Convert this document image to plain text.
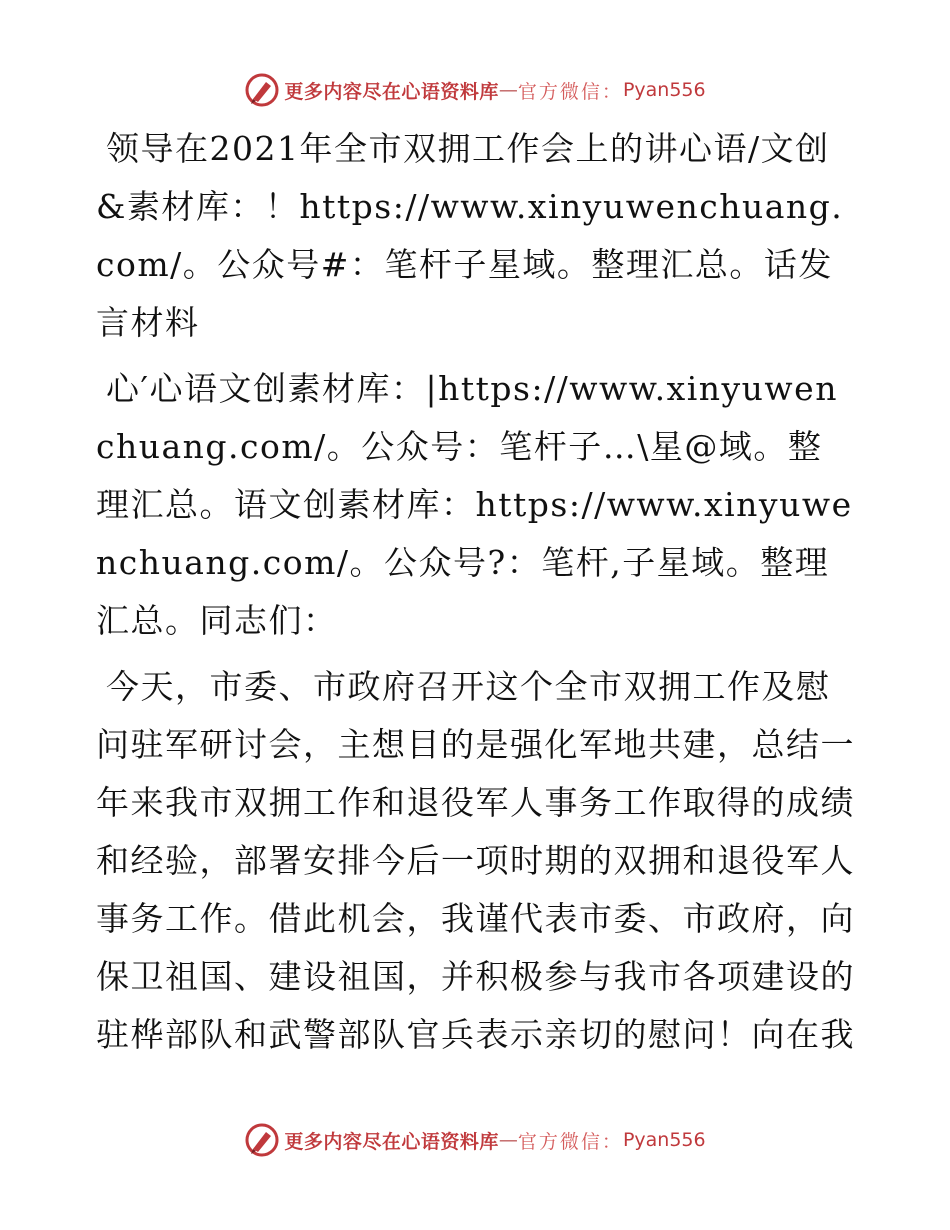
更多内容尽在心语资料库 — 官方微信： Pyan556

领导在2021年全市双拥工作会上的讲心语/文创&素材库：！https://www.xinyuwenchuang.com/。公众号#：笔杆子星域。整理汇总。话发言材料

心′心语文创素材库：|https://www.xinyuwenchuang.com/。公众号：笔杆子…\星@域。整理汇总。语文创素材库：https://www.xinyuwenchuang.com/。公众号?：笔杆,子星域。整理汇总。同志们：

今天，市委、市政府召开这个全市双拥工作及慰问驻军研讨会，主想目的是强化军地共建，总结一年来我市双拥工作和退役军人事务工作取得的成绩和经验，部署安排今后一项时期的双拥和退役军人事务工作。借此机会，我谨代表市委、市政府，向保卫祖国、建设祖国，并积极参与我市各项建设的驻桦部队和武警部队官兵表示亲切的慰问！向在我

更多内容尽在心语资料库 — 官方微信： Pyan556
